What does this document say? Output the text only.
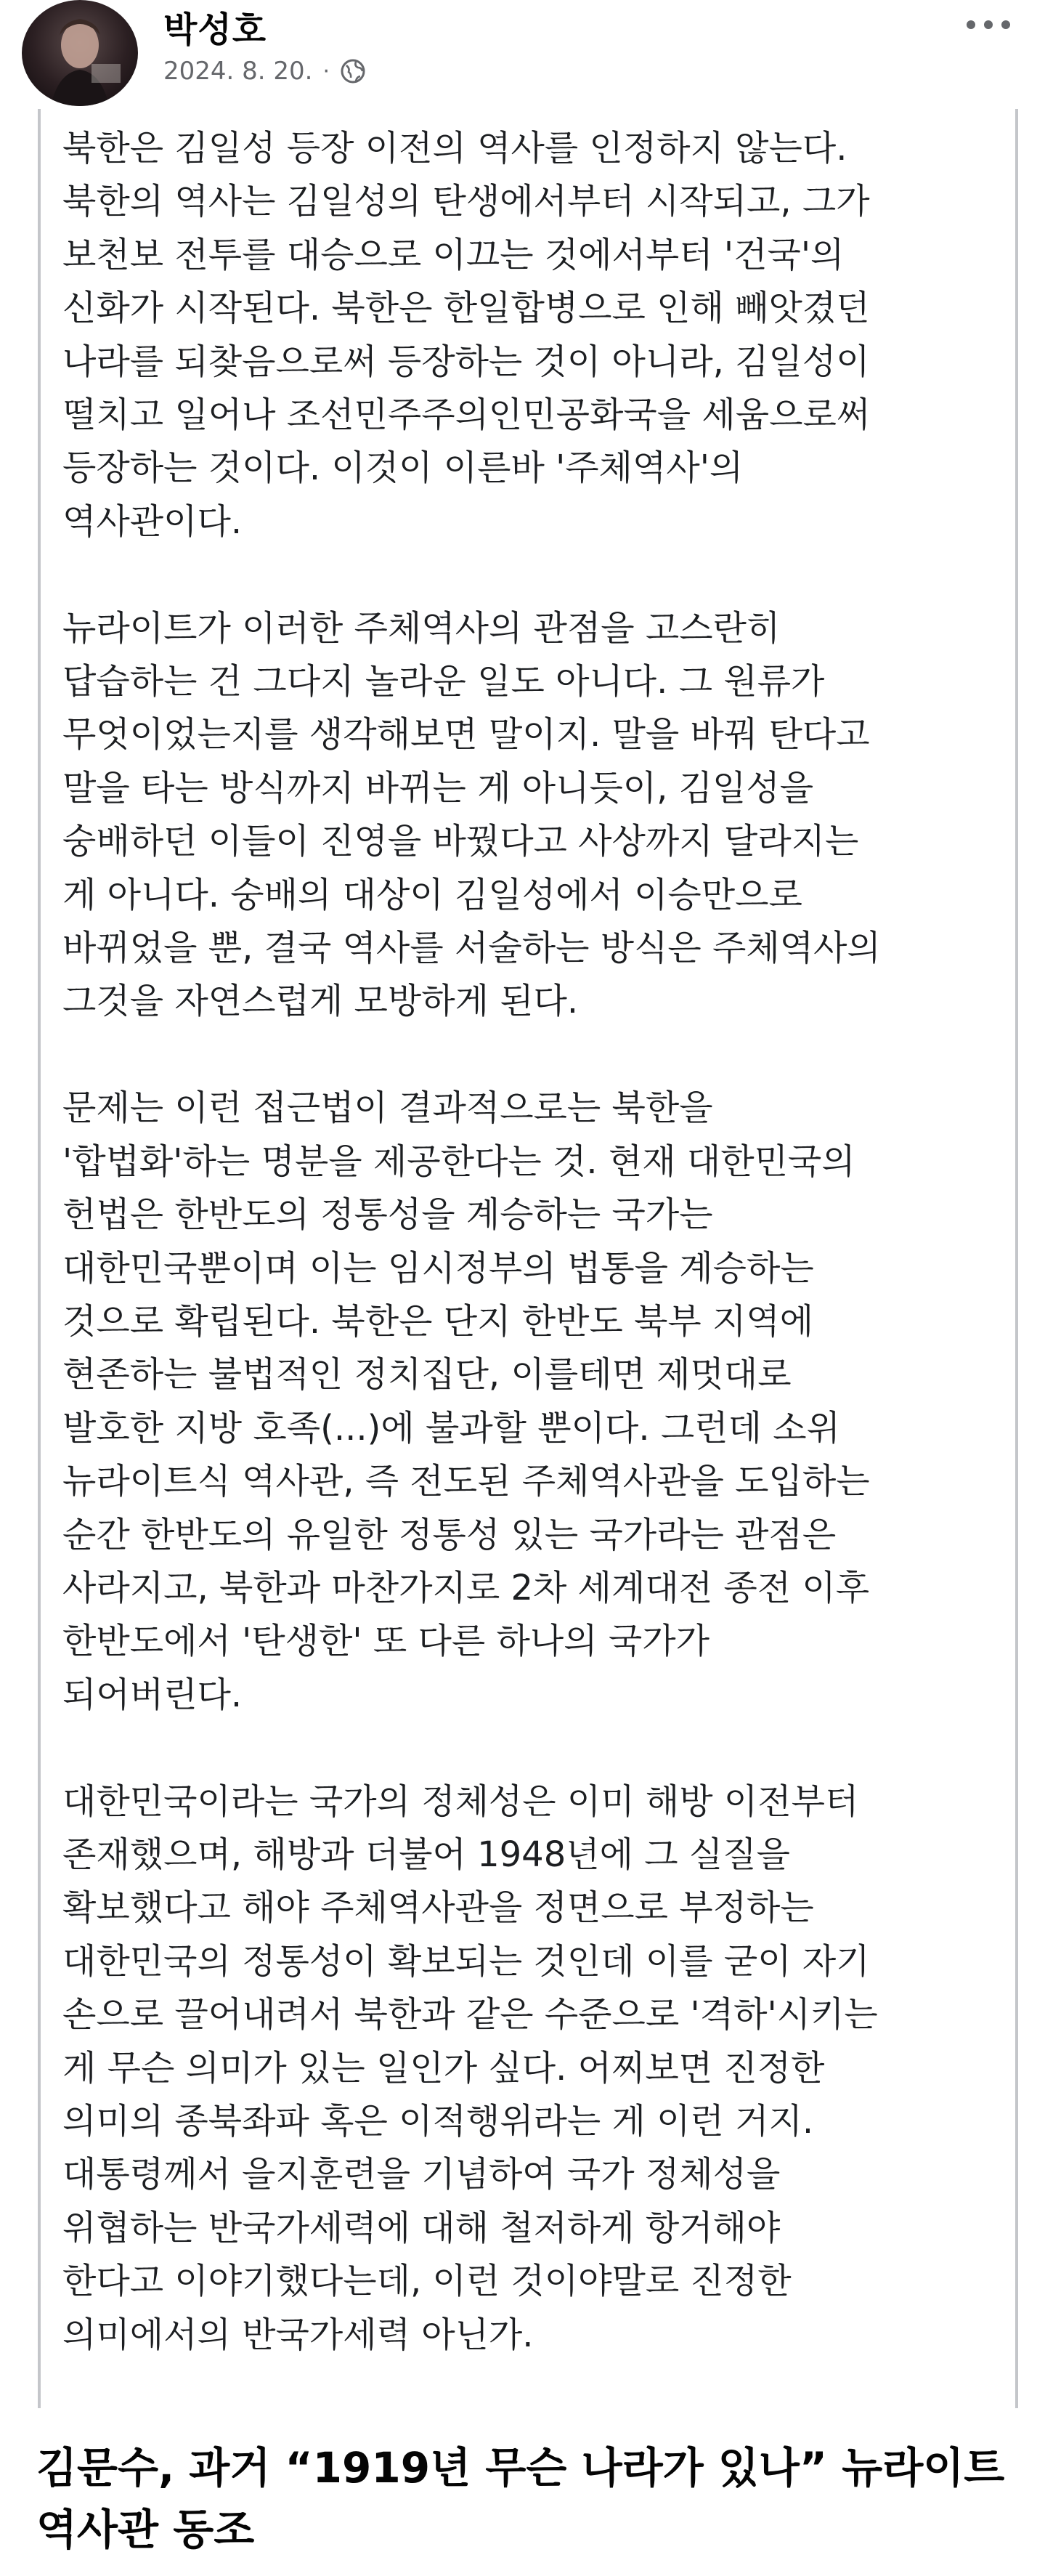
박성호
2024. 8. 20. ·
북한은 김일성 등장 이전의 역사를 인정하지 않는다.
북한의 역사는 김일성의 탄생에서부터 시작되고, 그가
보천보 전투를 대승으로 이끄는 것에서부터 '건국'의
신화가 시작된다. 북한은 한일합병으로 인해 빼앗겼던
나라를 되찾음으로써 등장하는 것이 아니라, 김일성이
떨치고 일어나 조선민주주의인민공화국을 세움으로써
등장하는 것이다. 이것이 이른바 '주체역사'의
역사관이다.
뉴라이트가 이러한 주체역사의 관점을 고스란히
답습하는 건 그다지 놀라운 일도 아니다. 그 원류가
무엇이었는지를 생각해보면 말이지. 말을 바꿔 탄다고
말을 타는 방식까지 바뀌는 게 아니듯이, 김일성을
숭배하던 이들이 진영을 바꿨다고 사상까지 달라지는
게 아니다. 숭배의 대상이 김일성에서 이승만으로
바뀌었을 뿐, 결국 역사를 서술하는 방식은 주체역사의
그것을 자연스럽게 모방하게 된다.
문제는 이런 접근법이 결과적으로는 북한을
'합법화'하는 명분을 제공한다는 것. 현재 대한민국의
헌법은 한반도의 정통성을 계승하는 국가는
대한민국뿐이며 이는 임시정부의 법통을 계승하는
것으로 확립된다. 북한은 단지 한반도 북부 지역에
현존하는 불법적인 정치집단, 이를테면 제멋대로
발호한 지방 호족(...)에 불과할 뿐이다. 그런데 소위
뉴라이트식 역사관, 즉 전도된 주체역사관을 도입하는
순간 한반도의 유일한 정통성 있는 국가라는 관점은
사라지고, 북한과 마찬가지로 2차 세계대전 종전 이후
한반도에서 '탄생한' 또 다른 하나의 국가가
되어버린다.
대한민국이라는 국가의 정체성은 이미 해방 이전부터
존재했으며, 해방과 더불어 1948년에 그 실질을
확보했다고 해야 주체역사관을 정면으로 부정하는
대한민국의 정통성이 확보되는 것인데 이를 굳이 자기
손으로 끌어내려서 북한과 같은 수준으로 '격하'시키는
게 무슨 의미가 있는 일인가 싶다. 어찌보면 진정한
의미의 종북좌파 혹은 이적행위라는 게 이런 거지.
대통령께서 을지훈련을 기념하여 국가 정체성을
위협하는 반국가세력에 대해 철저하게 항거해야
한다고 이야기했다는데, 이런 것이야말로 진정한
의미에서의 반국가세력 아닌가.
김문수, 과거 “1919년 무슨 나라가 있나” 뉴라이트
역사관 동조
